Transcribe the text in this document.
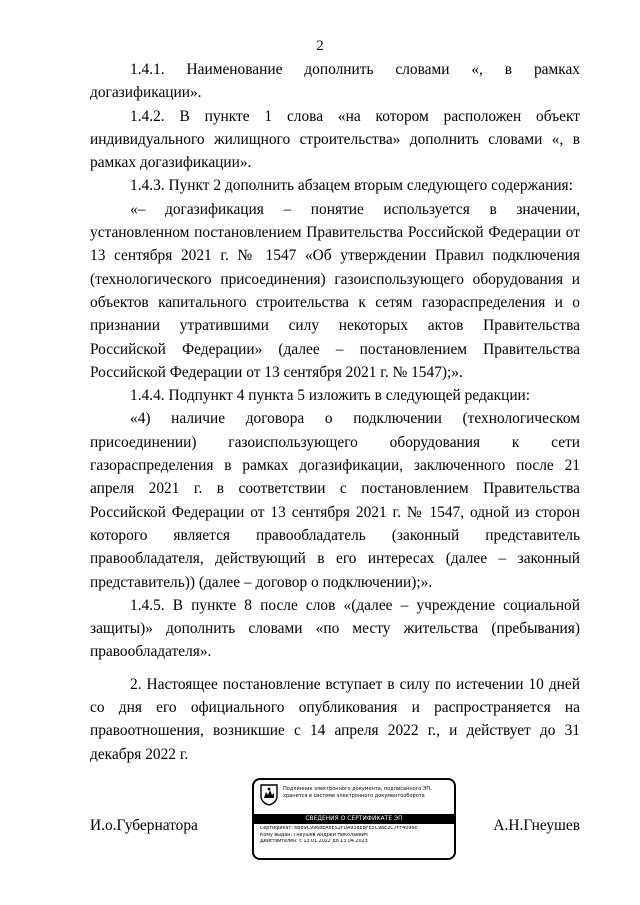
2

1.4.1. Наименование дополнить словами «, в рамках догазификации».

1.4.2. В пункте 1 слова «на котором расположен объект индивидуального жилищного строительства» дополнить словами «, в рамках догазификации».

1.4.3. Пункт 2 дополнить абзацем вторым следующего содержания:

«– догазификация – понятие используется в значении, установленном постановлением Правительства Российской Федерации от 13 сентября 2021 г. № 1547 «Об утверждении Правил подключения (технологического присоединения) газоиспользующего оборудования и объектов капитального строительства к сетям газораспределения и о признании утратившими силу некоторых актов Правительства Российской Федерации» (далее – постановлением Правительства Российской Федерации от 13 сентября 2021 г. № 1547);».

1.4.4. Подпункт 4 пункта 5 изложить в следующей редакции:

«4) наличие договора о подключении (технологическом присоединении) газоиспользующего оборудования к сети газораспределения в рамках догазификации, заключенного после 21 апреля 2021 г. в соответствии с постановлением Правительства Российской Федерации от 13 сентября 2021 г. № 1547, одной из сторон которого является правообладатель (законный представитель правообладателя, действующий в его интересах (далее – законный представитель)) (далее – договор о подключении);».

1.4.5. В пункте 8 после слов «(далее – учреждение социальной защиты)» дополнить словами «по месту жительства (пребывания) правообладателя».

2. Настоящее постановление вступает в силу по истечении 10 дней со дня его официального опубликования и распространяется на правоотношения, возникшие с 14 апреля 2022 г., и действует до 31 декабря 2022 г.

И.о.Губернатора	А.Н.Гнеушев
Подлинник электронного документа, подписанного ЭП,
хранится в системе электронного документооборота
СВЕДЕНИЯ О СЕРТИФИКАТЕ ЭП
Сертификат: 6B89C9968EA8E52FDA938EBFE5C98E2C7FF4096E
Кому выдан: Гнеушев Андрей Николаевич
Действителен: с 13.01.2022 до 13.04.2023
